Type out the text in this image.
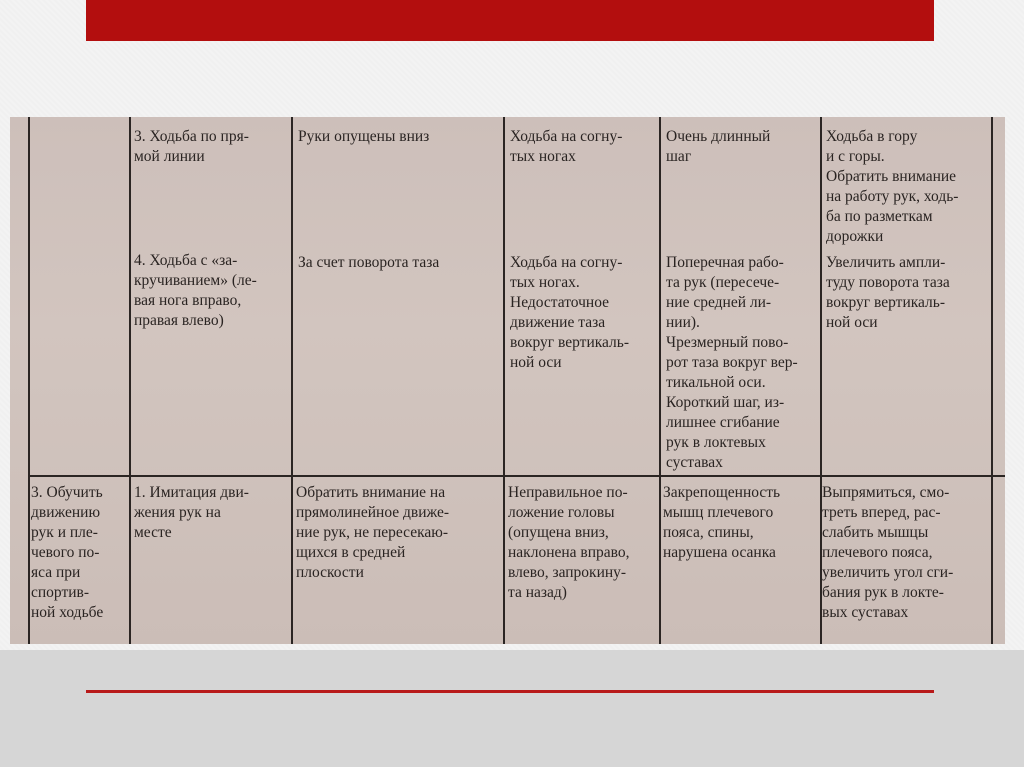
3. Ходьба по пря-
мой линии
Руки опущены вниз	Ходьба на согну-
тых ногах
Очень длинный
шаг
Ходьба в гору
и с горы.
Обратить внимание
на работу рук, ходь-
ба по разметкам
дорожки
4. Ходьба с «за-
кручиванием» (ле-
вая нога вправо,
правая влево)
За счет поворота таза	Ходьба на согну-
тых ногах.
Недостаточное
движение таза
вокруг вертикаль-
ной оси
Поперечная рабо-
та рук (пересече-
ние средней ли-
нии).
Чрезмерный пово-
рот таза вокруг вер-
тикальной оси.
Короткий шаг, из-
лишнее сгибание
рук в локтевых
суставах
Увеличить ампли-
туду поворота таза
вокруг вертикаль-
ной оси
3. Обучить
движению
рук и пле-
чевого по-
яса при
спортив-
ной ходьбе
1. Имитация дви-
жения рук на
месте
Обратить внимание на
прямолинейное движе-
ние рук, не пересекаю-
щихся в средней
плоскости
Неправильное по-
ложение головы
(опущена вниз,
наклонена вправо,
влево, запрокину-
та назад)
Закрепощенность
мышц плечевого
пояса, спины,
нарушена осанка
Выпрямиться, смо-
треть вперед, рас-
слабить мышцы
плечевого пояса,
увеличить угол сги-
бания рук в локте-
вых суставах
